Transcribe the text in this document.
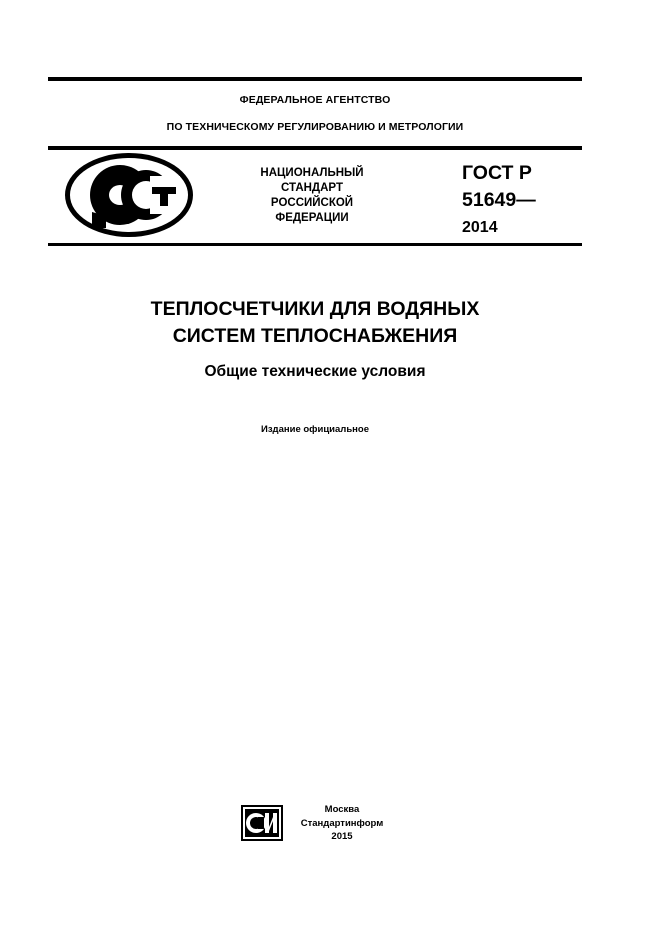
ФЕДЕРАЛЬНОЕ АГЕНТСТВО
ПО ТЕХНИЧЕСКОМУ РЕГУЛИРОВАНИЮ И МЕТРОЛОГИИ
НАЦИОНАЛЬНЫЙ
СТАНДАРТ
РОССИЙСКОЙ
ФЕДЕРАЦИИ
ГОСТ Р
51649—
2014
ТЕПЛОСЧЕТЧИКИ ДЛЯ ВОДЯНЫХ
СИСТЕМ ТЕПЛОСНАБЖЕНИЯ
Общие технические условия
Издание официальное
Москва
Стандартинформ
2015
